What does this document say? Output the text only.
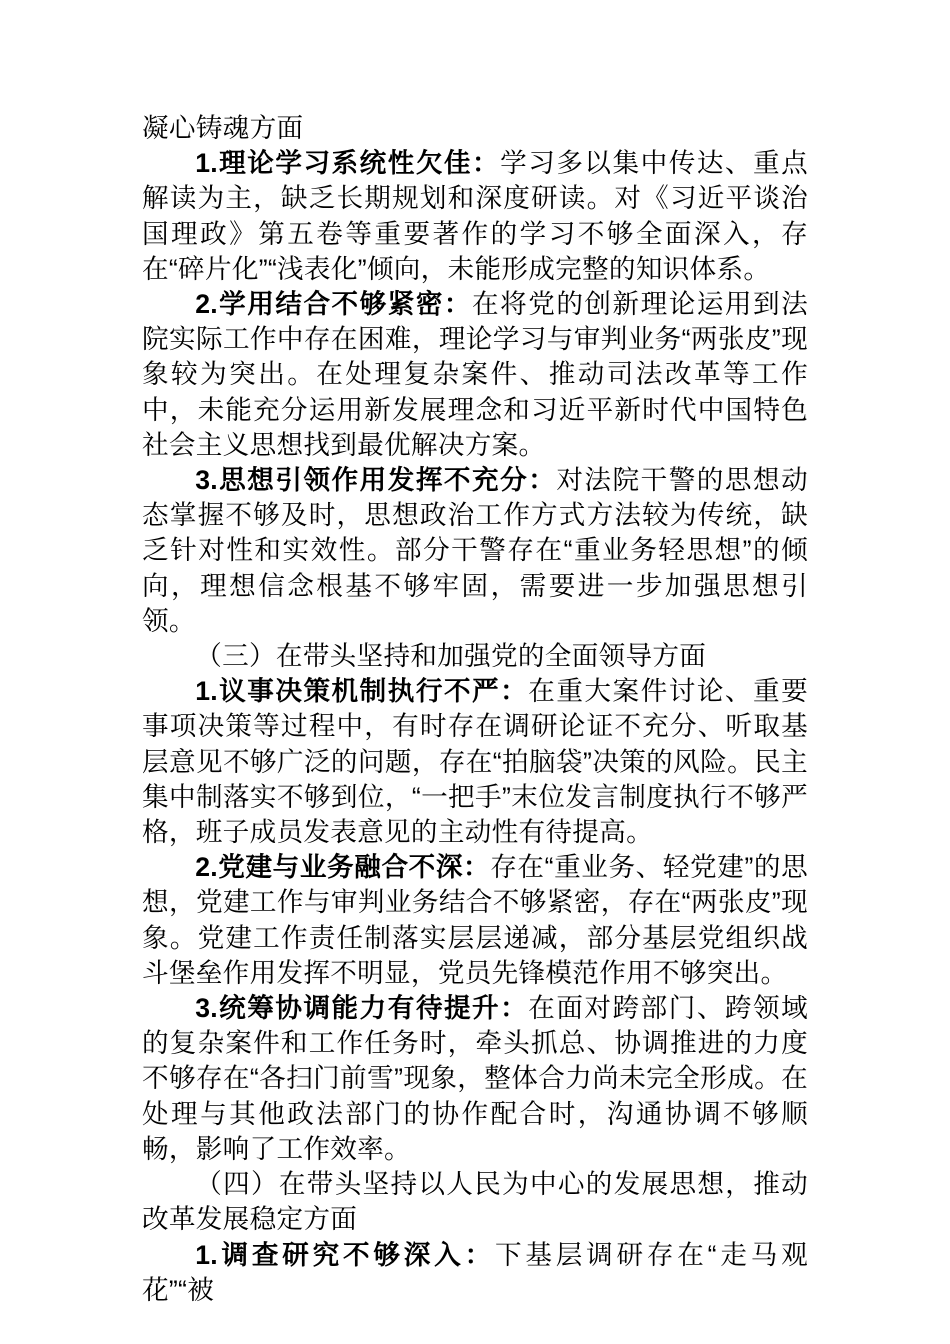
凝心铸魂方面

1.理论学习系统性欠佳：学习多以集中传达、重点解读为主，缺乏长期规划和深度研读。对《习近平谈治国理政》第五卷等重要著作的学习不够全面深入，存在“碎片化”“浅表化”倾向，未能形成完整的知识体系。

2.学用结合不够紧密：在将党的创新理论运用到法院实际工作中存在困难，理论学习与审判业务“两张皮”现象较为突出。在处理复杂案件、推动司法改革等工作中，未能充分运用新发展理念和习近平新时代中国特色社会主义思想找到最优解决方案。

3.思想引领作用发挥不充分：对法院干警的思想动态掌握不够及时，思想政治工作方式方法较为传统，缺乏针对性和实效性。部分干警存在“重业务轻思想”的倾向，理想信念根基不够牢固，需要进一步加强思想引领。

（三）在带头坚持和加强党的全面领导方面

1.议事决策机制执行不严：在重大案件讨论、重要事项决策等过程中，有时存在调研论证不充分、听取基层意见不够广泛的问题，存在“拍脑袋”决策的风险。民主集中制落实不够到位，“一把手”末位发言制度执行不够严格，班子成员发表意见的主动性有待提高。

2.党建与业务融合不深：存在“重业务、轻党建”的思想，党建工作与审判业务结合不够紧密，存在“两张皮”现象。党建工作责任制落实层层递减，部分基层党组织战斗堡垒作用发挥不明显，党员先锋模范作用不够突出。

3.统筹协调能力有待提升：在面对跨部门、跨领域的复杂案件和工作任务时，牵头抓总、协调推进的力度不够存在“各扫门前雪”现象，整体合力尚未完全形成。在处理与其他政法部门的协作配合时，沟通协调不够顺畅，影响了工作效率。

（四）在带头坚持以人民为中心的发展思想，推动改革发展稳定方面

1.调查研究不够深入：下基层调研存在“走马观花”“被
